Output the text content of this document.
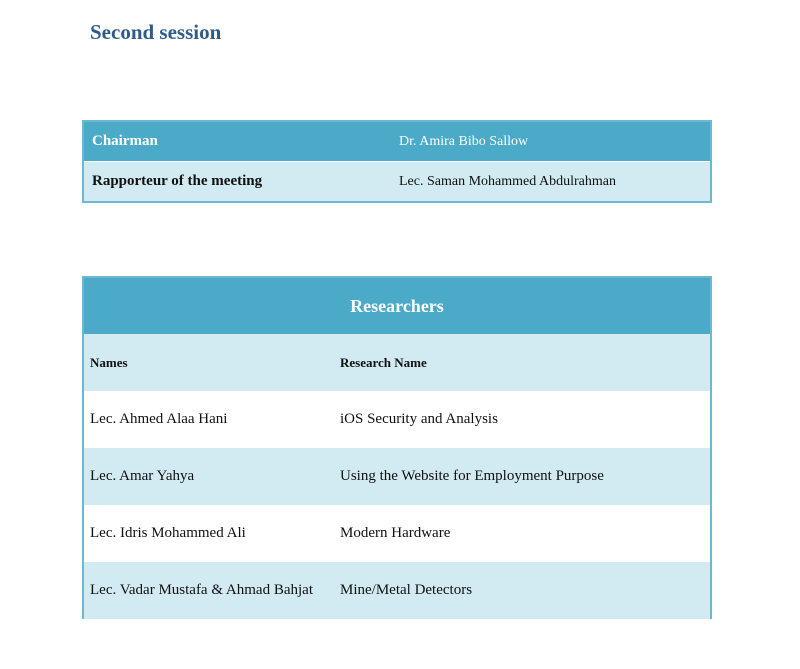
Second session
Chairman	Dr. Amira Bibo Sallow
Rapporteur of the meeting	Lec. Saman Mohammed Abdulrahman
Researchers
Names	Research Name
Lec. Ahmed Alaa Hani	iOS Security and Analysis
Lec. Amar Yahya	Using the Website for Employment Purpose
Lec. Idris Mohammed Ali	Modern Hardware
Lec. Vadar Mustafa & Ahmad Bahjat	Mine/Metal Detectors
